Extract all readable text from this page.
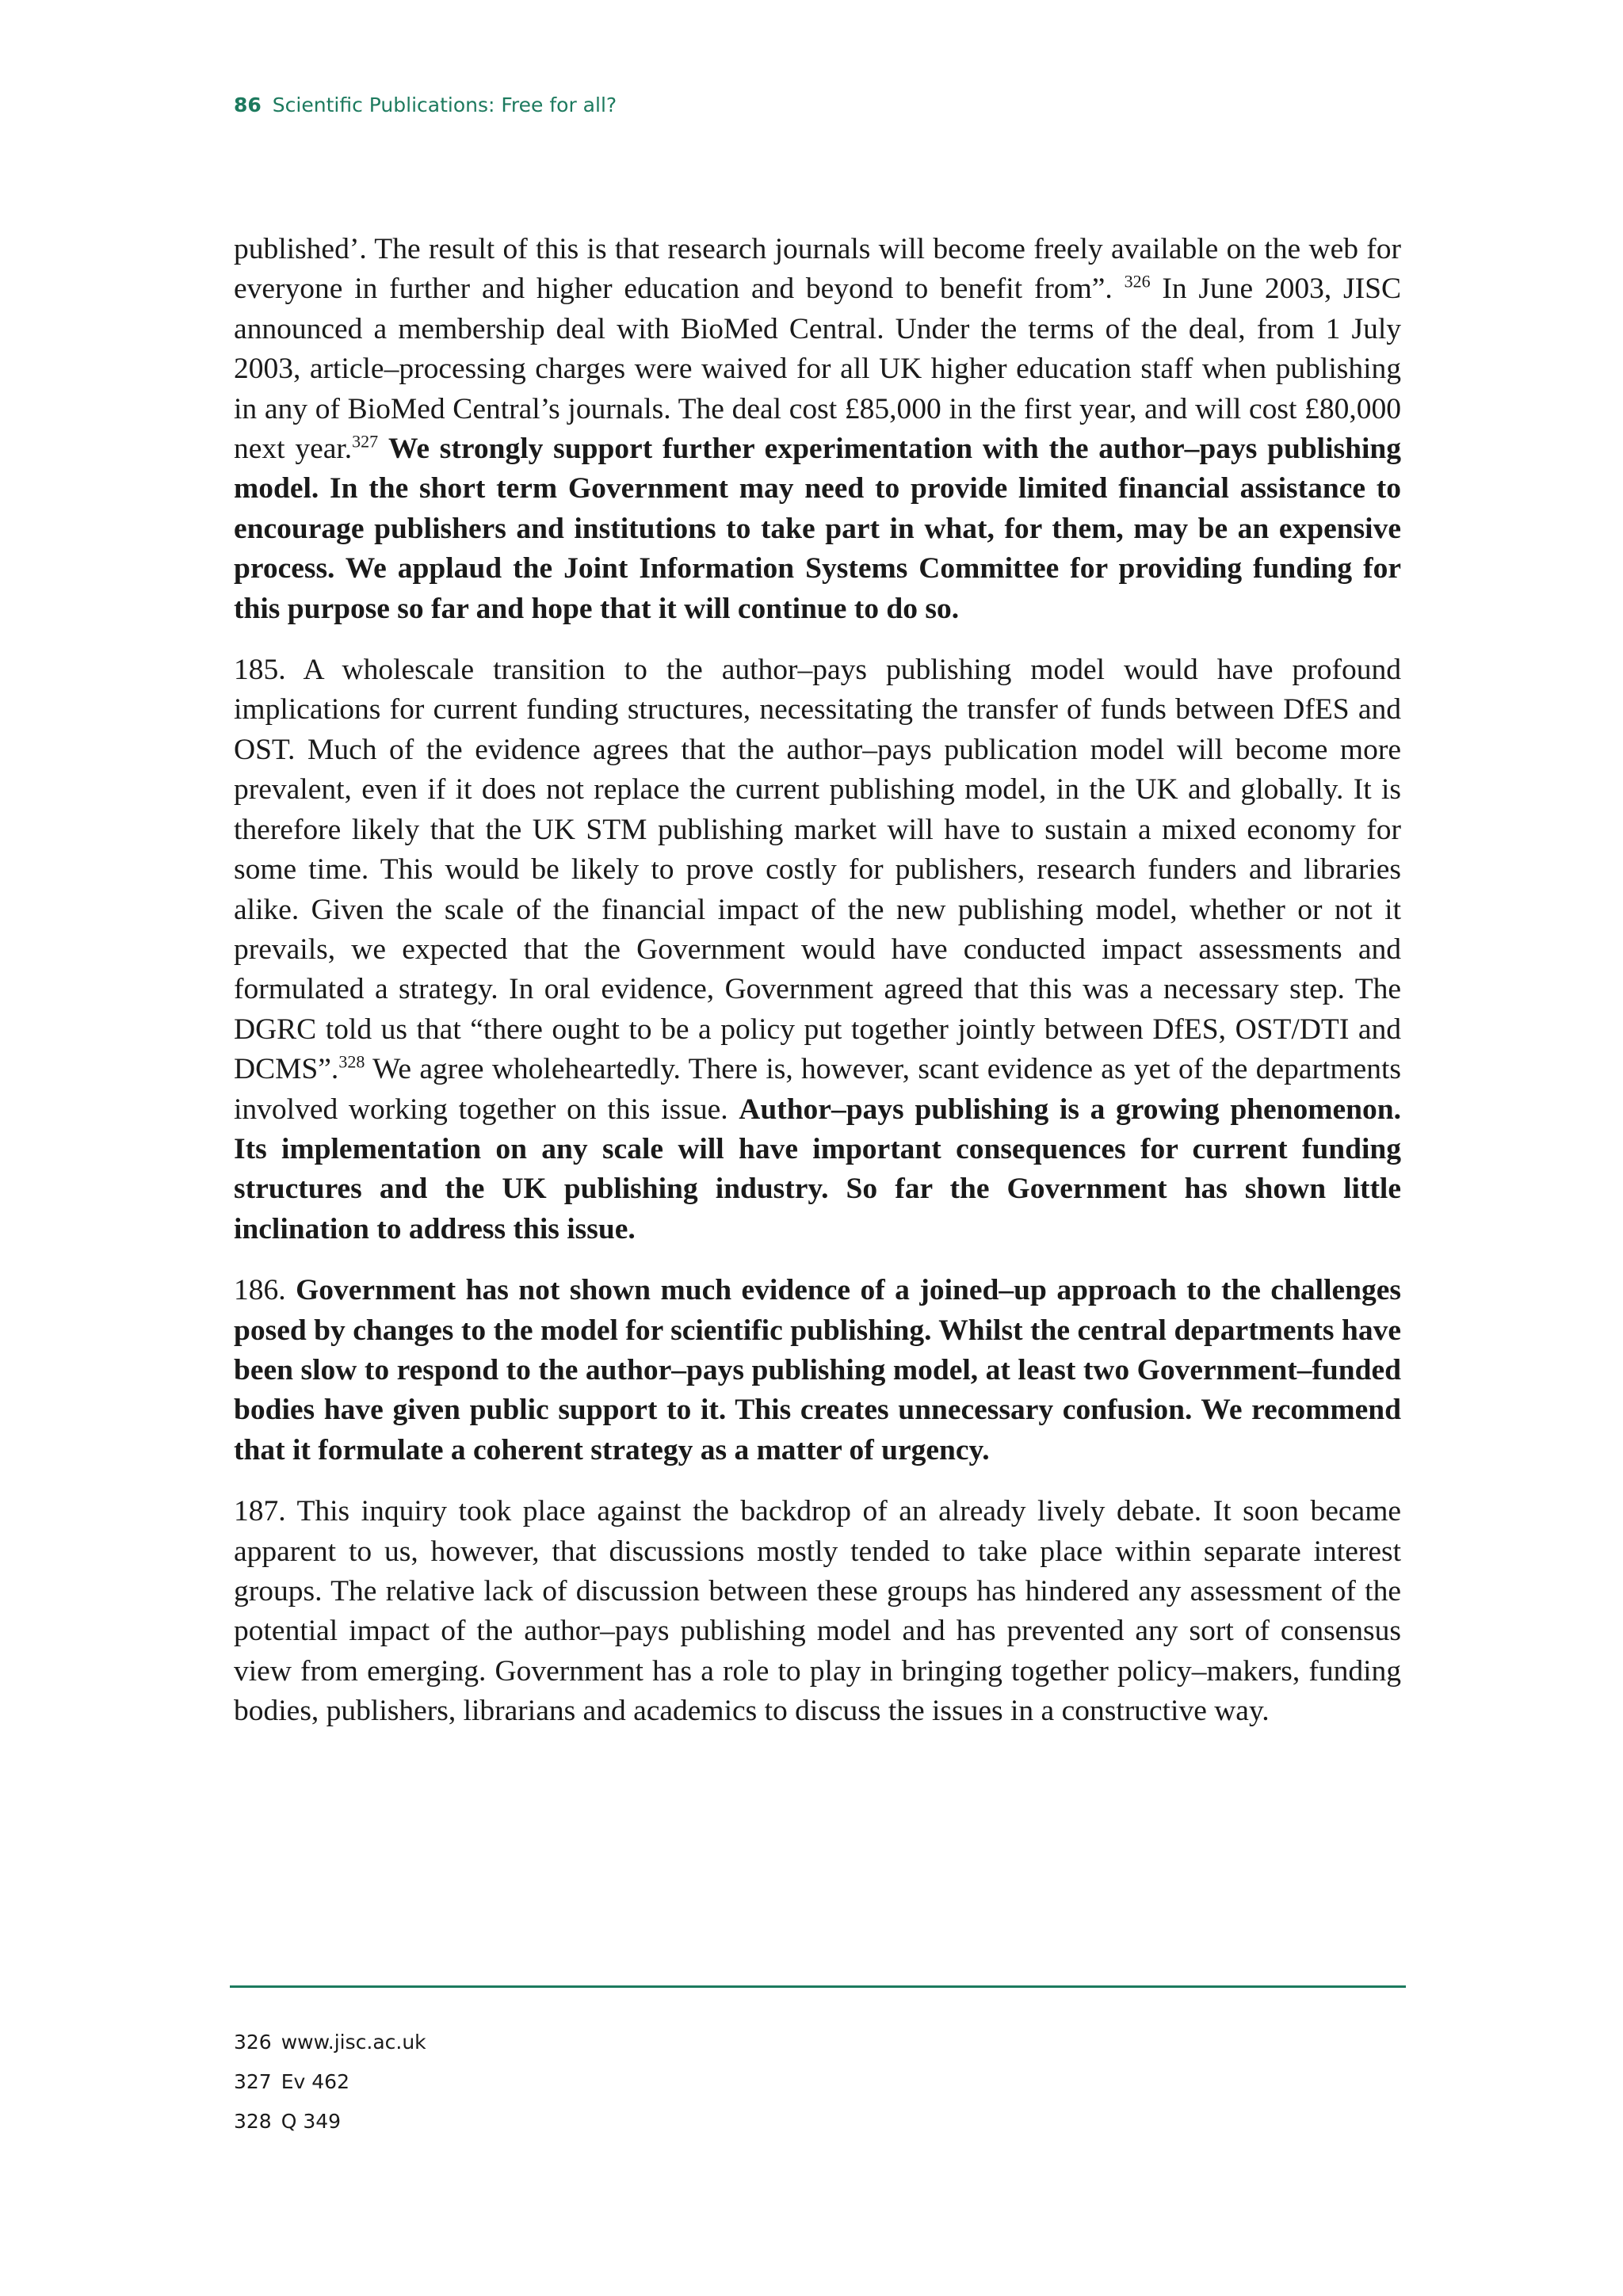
86 Scientific Publications: Free for all?

published’. The result of this is that research journals will become freely available on the web for everyone in further and higher education and beyond to benefit from”. $^{326}$ In June 2003, JISC announced a membership deal with BioMed Central. Under the terms of the deal, from 1 July 2003, article–processing charges were waived for all UK higher education staff when publishing in any of BioMed Central’s journals. The deal cost £85,000 in the first year, and will cost £80,000 next year.$^{327}$ We strongly support further experimentation with the author–pays publishing model. In the short term Government may need to provide limited financial assistance to encourage publishers and institutions to take part in what, for them, may be an expensive process. We applaud the Joint Information Systems Committee for providing funding for this purpose so far and hope that it will continue to do so.

185. A wholescale transition to the author–pays publishing model would have profound implications for current funding structures, necessitating the transfer of funds between DfES and OST. Much of the evidence agrees that the author–pays publication model will become more prevalent, even if it does not replace the current publishing model, in the UK and globally. It is therefore likely that the UK STM publishing market will have to sustain a mixed economy for some time. This would be likely to prove costly for publishers, research funders and libraries alike. Given the scale of the financial impact of the new publishing model, whether or not it prevails, we expected that the Government would have conducted impact assessments and formulated a strategy. In oral evidence, Government agreed that this was a necessary step. The DGRC told us that “there ought to be a policy put together jointly between DfES, OST/DTI and DCMS”.$^{328}$ We agree wholeheartedly. There is, however, scant evidence as yet of the departments involved working together on this issue. Author–pays publishing is a growing phenomenon. Its implementation on any scale will have important consequences for current funding structures and the UK publishing industry. So far the Government has shown little inclination to address this issue.

186. Government has not shown much evidence of a joined–up approach to the challenges posed by changes to the model for scientific publishing. Whilst the central departments have been slow to respond to the author–pays publishing model, at least two Government–funded bodies have given public support to it. This creates unnecessary confusion. We recommend that it formulate a coherent strategy as a matter of urgency.

187. This inquiry took place against the backdrop of an already lively debate. It soon became apparent to us, however, that discussions mostly tended to take place within separate interest groups. The relative lack of discussion between these groups has hindered any assessment of the potential impact of the author–pays publishing model and has prevented any sort of consensus view from emerging. Government has a role to play in bringing together policy–makers, funding bodies, publishers, librarians and academics to discuss the issues in a constructive way.

326 www.jisc.ac.uk
327 Ev 462
328 Q 349
